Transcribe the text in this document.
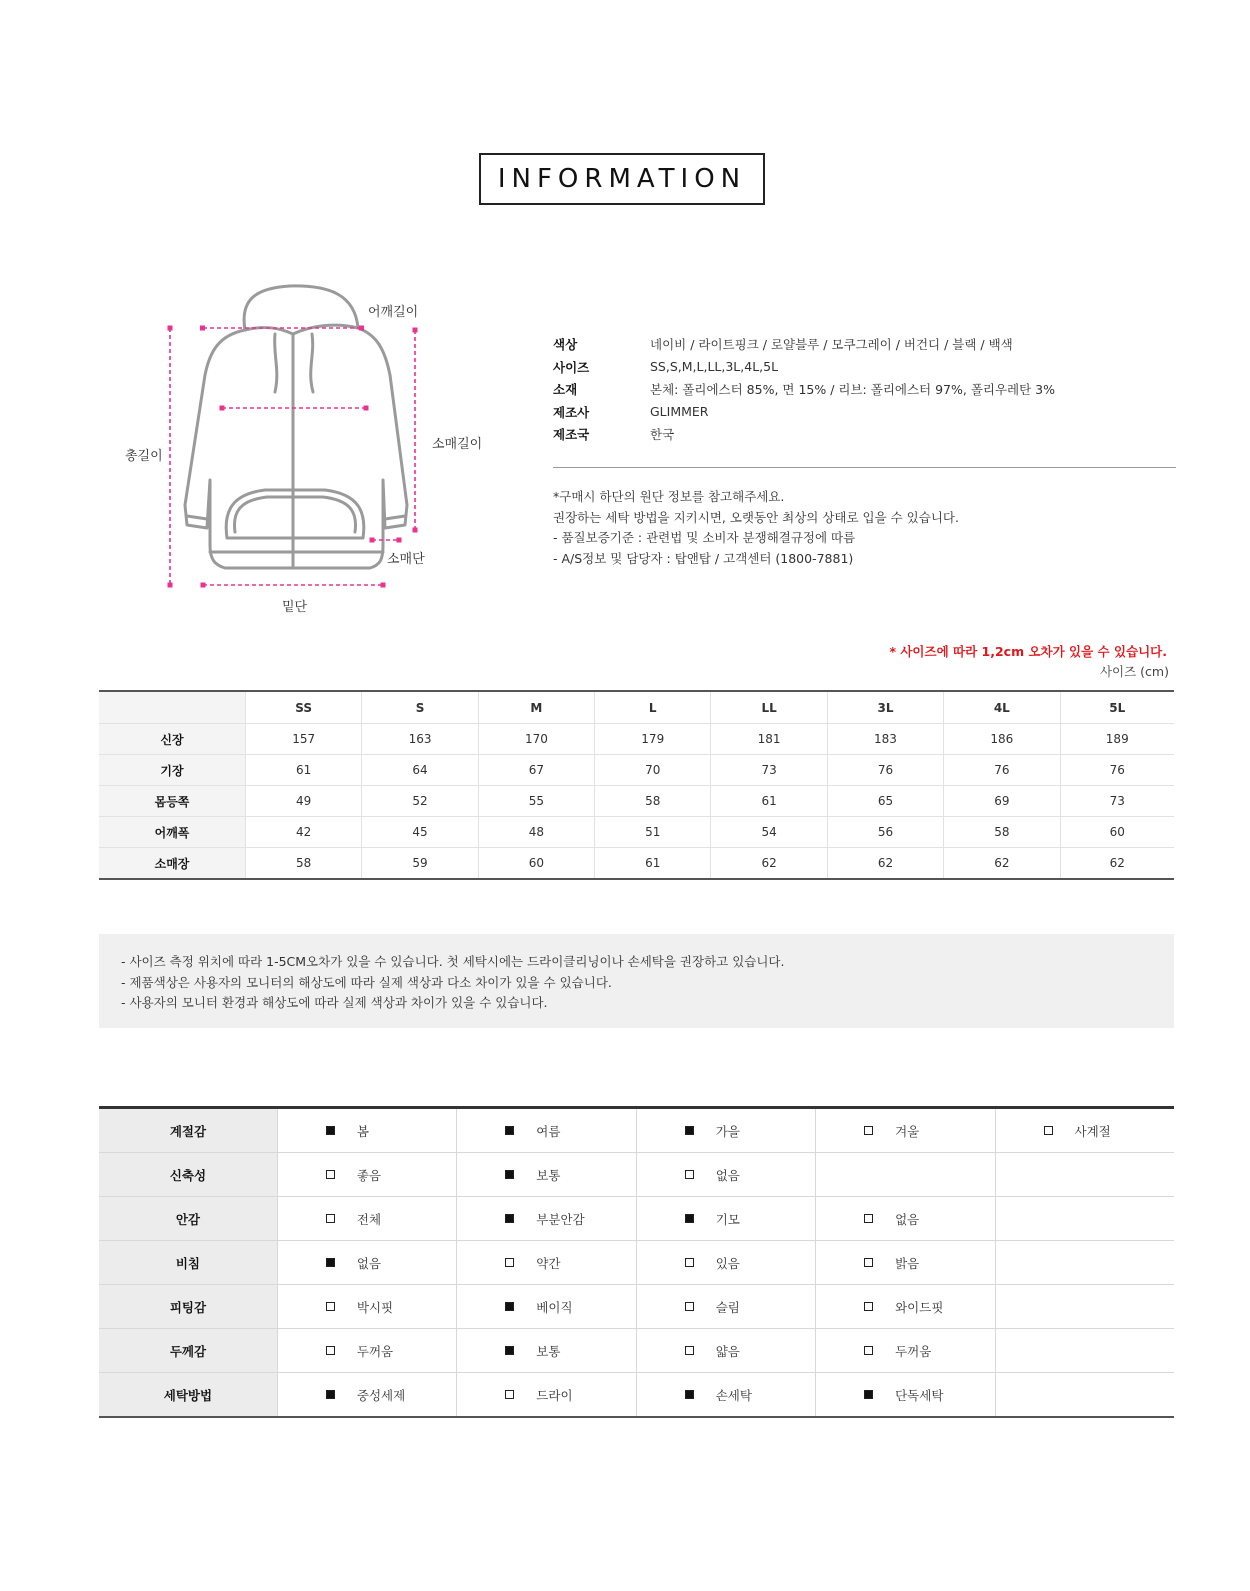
INFORMATION
어깨길이
총길이
소매길이
소매단
밑단
색상	네이비 / 라이트핑크 / 로얄블루 / 모쿠그레이 / 버건디 / 블랙 / 백색
사이즈	SS,S,M,L,LL,3L,4L,5L
소재	본체: 폴리에스터 85%, 면 15% / 리브: 폴리에스터 97%, 폴리우레탄 3%
제조사	GLIMMER
제조국	한국
*구매시 하단의 원단 정보를 참고해주세요.
권장하는 세탁 방법을 지키시면, 오랫동안 최상의 상태로 입을 수 있습니다.
- 품질보증기준 : 관련법 및 소비자 분쟁해결규정에 따름
- A/S정보 및 담당자 : 탑앤탑 / 고객센터 (1800-7881)
* 사이즈에 따라 1,2cm 오차가 있을 수 있습니다.
사이즈 (cm)
	SS	S	M	L	LL	3L	4L	5L
신장	157	163	170	179	181	183	186	189
기장	61	64	67	70	73	76	76	76
몸등쪽	49	52	55	58	61	65	69	73
어깨폭	42	45	48	51	54	56	58	60
소매장	58	59	60	61	62	62	62	62
- 사이즈 측정 위치에 따라 1-5CM오차가 있을 수 있습니다. 첫 세탁시에는 드라이클리닝이나 손세탁을 권장하고 있습니다.
- 제품색상은 사용자의 모니터의 해상도에 따라 실제 색상과 다소 차이가 있을 수 있습니다.
- 사용자의 모니터 환경과 해상도에 따라 실제 색상과 차이가 있을 수 있습니다.
계절감	봄	여름	가을	겨울	사계절

신축성	좋음	보통	없음		

안감	전체	부분안감	기모	없음	

비침	없음	약간	있음	밝음	

피팅감	박시핏	베이직	슬림	와이드핏	

두께감	두꺼움	보통	얇음	두꺼움	

세탁방법	중성세제	드라이	손세탁	단독세탁	
